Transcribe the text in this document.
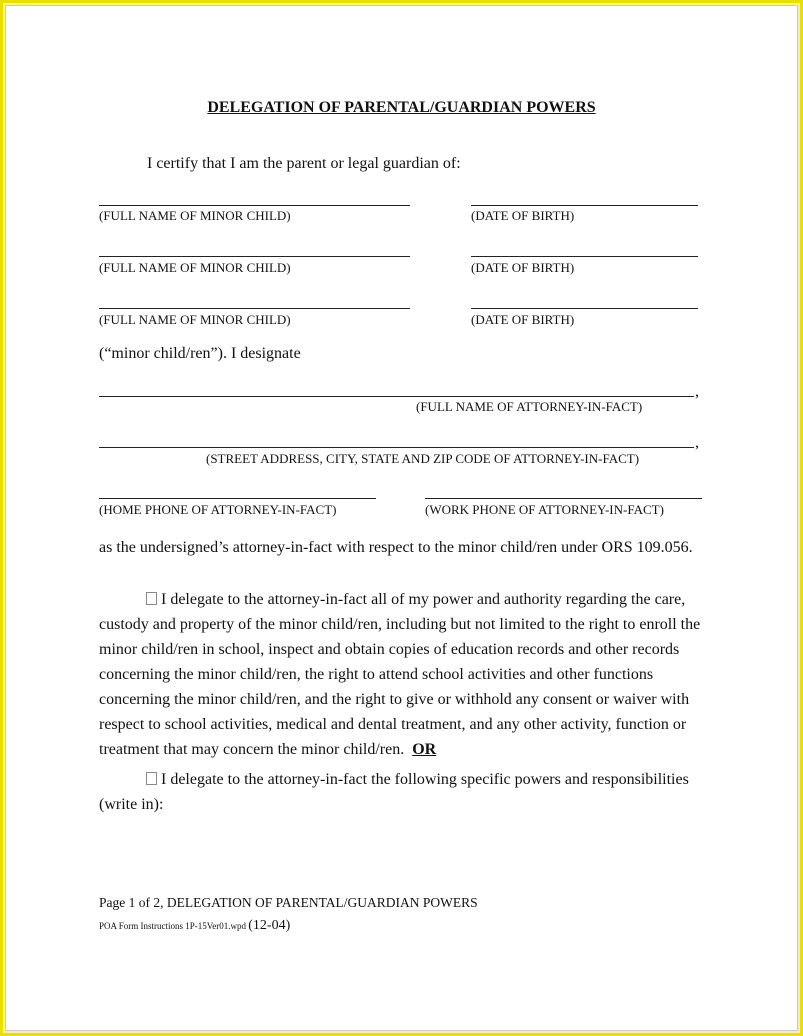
DELEGATION OF PARENTAL/GUARDIAN POWERS
I certify that I am the parent or legal guardian of:
(FULL NAME OF MINOR CHILD)	(DATE OF BIRTH)
(FULL NAME OF MINOR CHILD)	(DATE OF BIRTH)
(FULL NAME OF MINOR CHILD)	(DATE OF BIRTH)
(“minor child/ren”). I designate
,
(FULL NAME OF ATTORNEY-IN-FACT)
,
(STREET ADDRESS, CITY, STATE AND ZIP CODE OF ATTORNEY-IN-FACT)
(HOME PHONE OF ATTORNEY-IN-FACT)	(WORK PHONE OF ATTORNEY-IN-FACT)
as the undersigned’s attorney-in-fact with respect to the minor child/ren under ORS 109.056.
I delegate to the attorney-in-fact all of my power and authority regarding the care, custody and property of the minor child/ren, including but not limited to the right to enroll the minor child/ren in school, inspect and obtain copies of education records and other records concerning the minor child/ren, the right to attend school activities and other functions concerning the minor child/ren, and the right to give or withhold any consent or waiver with respect to school activities, medical and dental treatment, and any other activity, function or treatment that may concern the minor child/ren. OR
I delegate to the attorney-in-fact the following specific powers and responsibilities (write in):
Page 1 of 2, DELEGATION OF PARENTAL/GUARDIAN POWERS
POA Form Instructions 1P-15Ver01.wpd (12-04)
